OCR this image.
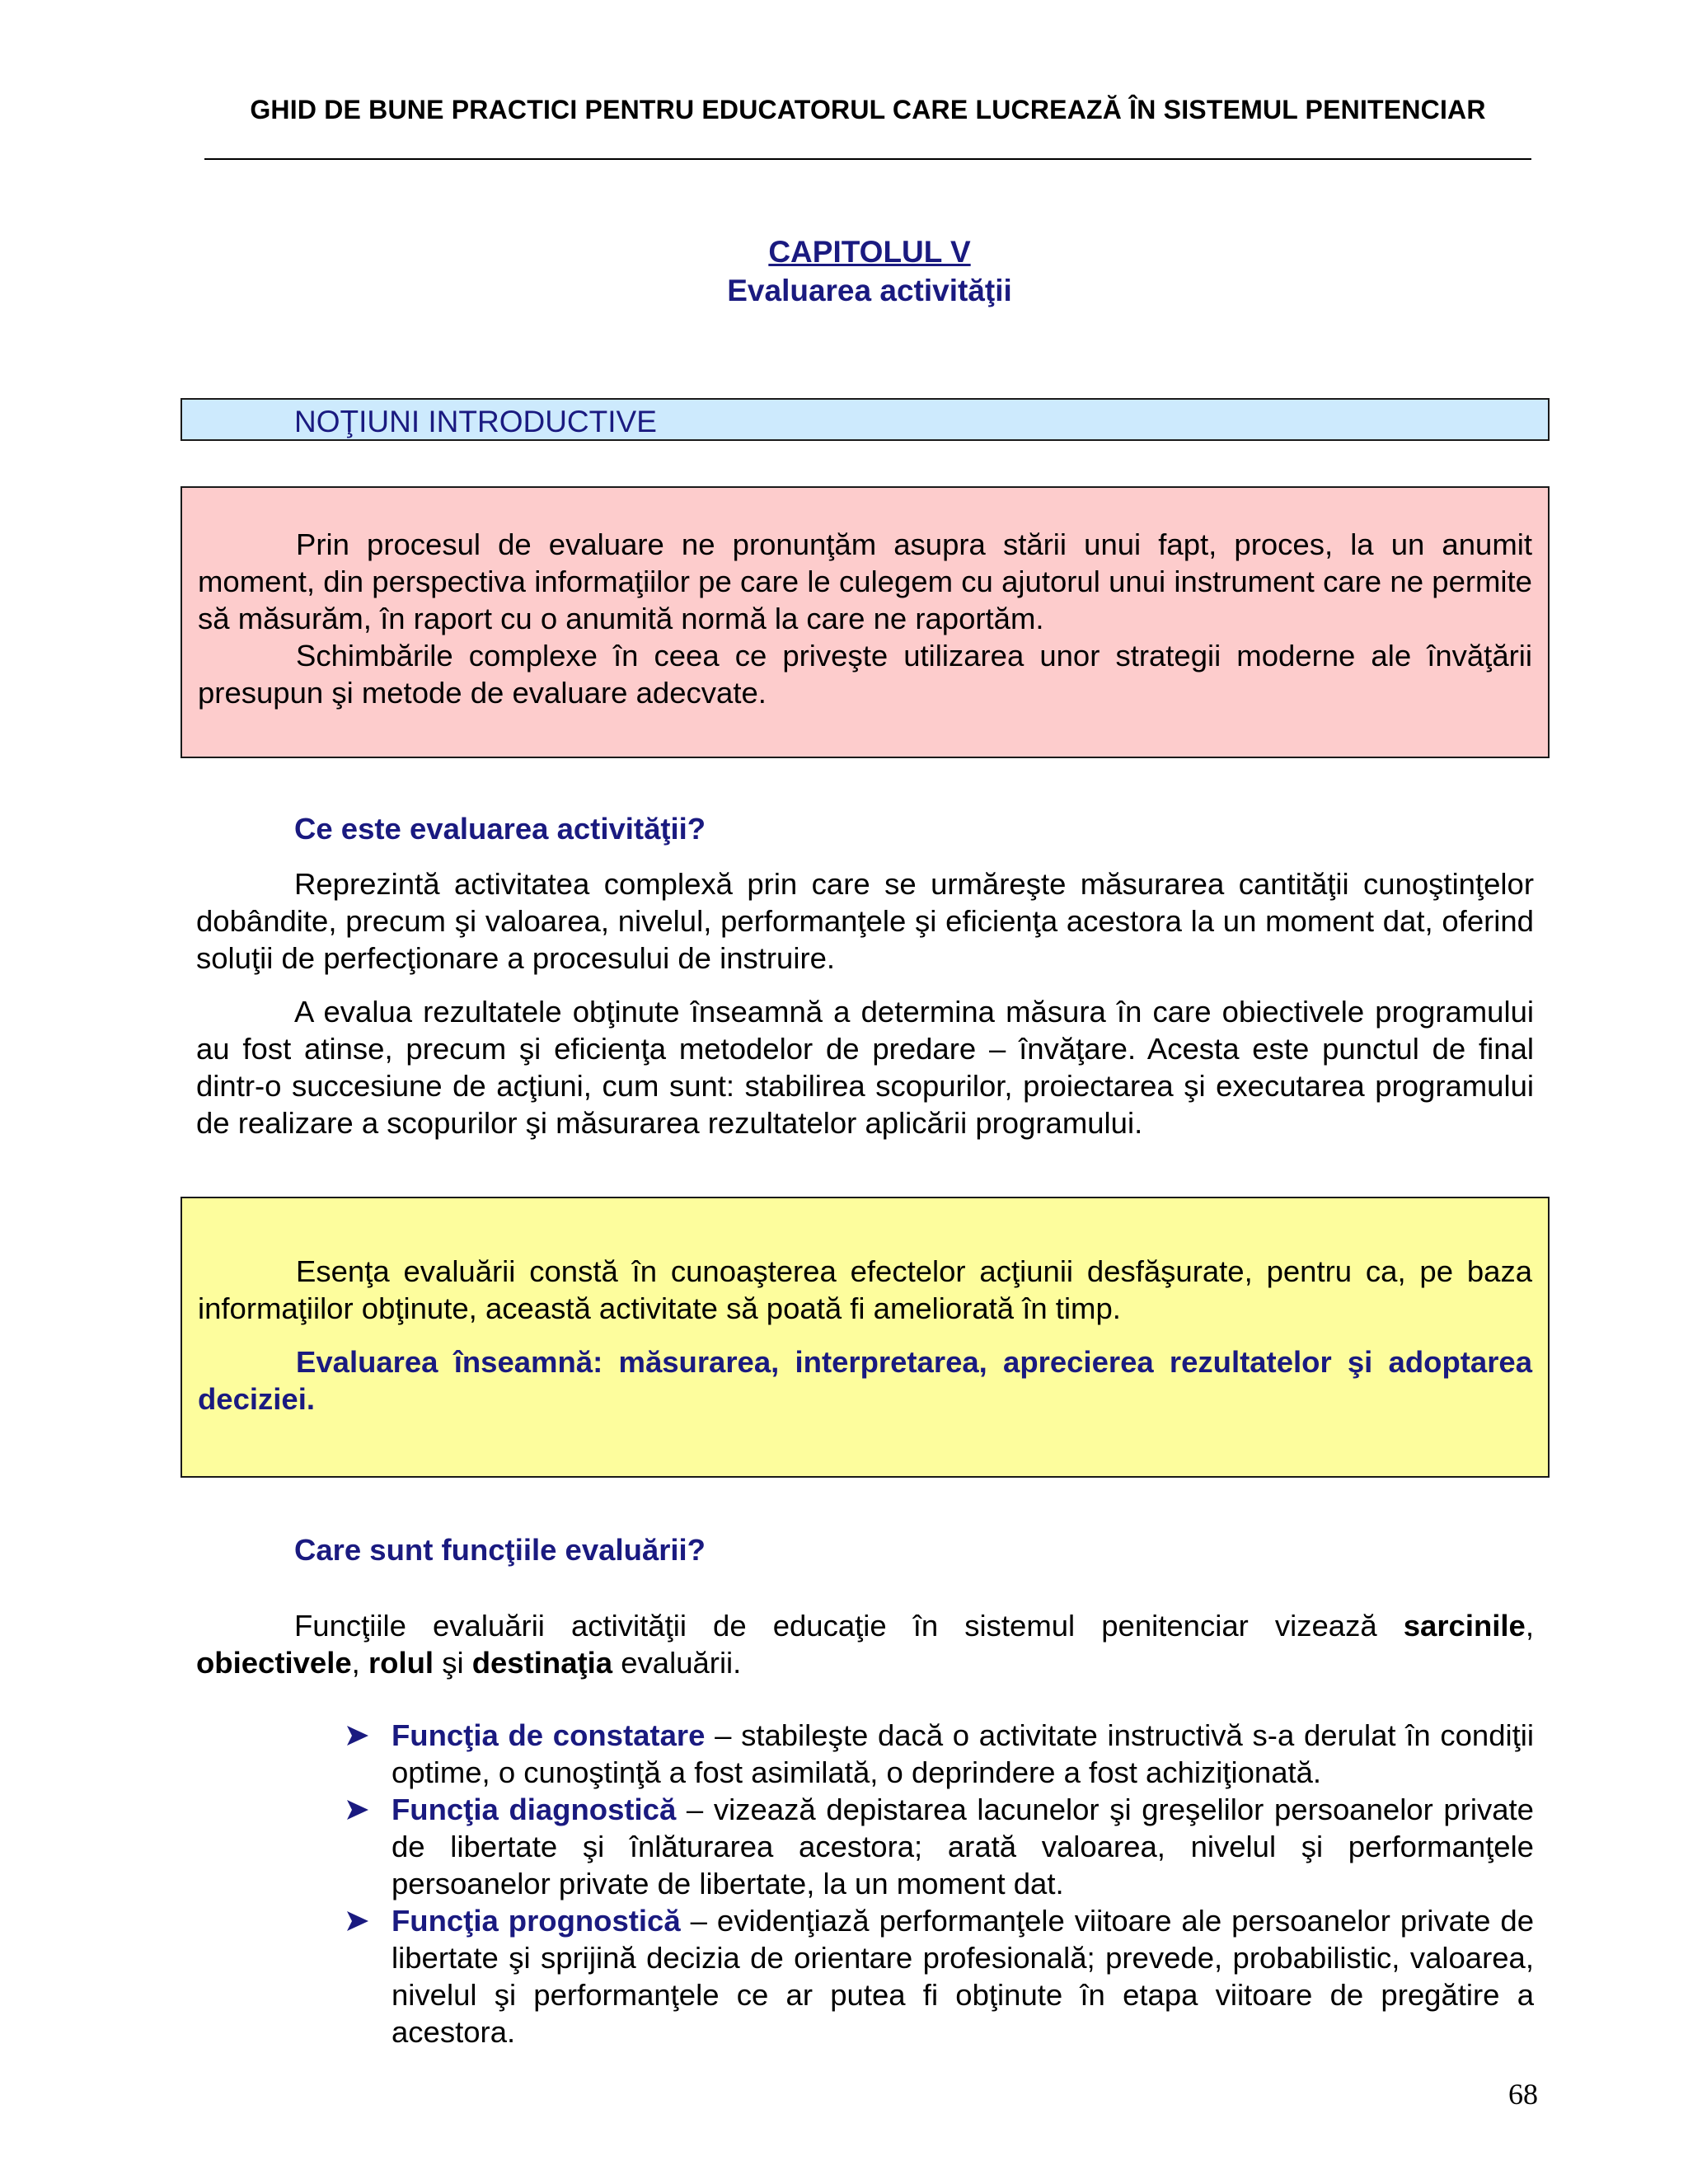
GHID DE BUNE PRACTICI PENTRU EDUCATORUL CARE LUCREAZĂ ÎN SISTEMUL PENITENCIAR
CAPITOLUL V
Evaluarea activităţii
NOŢIUNI INTRODUCTIVE

Prin procesul de evaluare ne pronunţăm asupra stării unui fapt, proces, la un anumit moment, din perspectiva informaţiilor pe care le culegem cu ajutorul unui instrument care ne permite să măsurăm, în raport cu o anumită normă la care ne raportăm.

Schimbările complexe în ceea ce priveşte utilizarea unor strategii moderne ale învăţării presupun şi metode de evaluare adecvate.

Ce este evaluarea activităţii?

Reprezintă activitatea complexă prin care se urmăreşte măsurarea cantităţii cunoştinţelor dobândite, precum şi valoarea, nivelul, performanţele şi eficienţa acestora la un moment dat, oferind soluţii de perfecţionare a procesului de instruire.

A evalua rezultatele obţinute înseamnă a determina măsura în care obiectivele programului au fost atinse, precum şi eficienţa metodelor de predare – învăţare. Acesta este punctul de final dintr-o succesiune de acţiuni, cum sunt: stabilirea scopurilor, proiectarea şi executarea programului de realizare a scopurilor şi măsurarea rezultatelor aplicării programului.

Esenţa evaluării constă în cunoaşterea efectelor acţiunii desfăşurate, pentru ca, pe baza informaţiilor obţinute, această activitate să poată fi ameliorată în timp.

Evaluarea înseamnă: măsurarea, interpretarea, aprecierea rezultatelor şi adoptarea deciziei.

Care sunt funcţiile evaluării?

Funcţiile evaluării activităţii de educaţie în sistemul penitenciar vizează sarcinile, obiectivele, rolul şi destinaţia evaluării.

Funcţia de constatare – stabileşte dacă o activitate instructivă s-a derulat în condiţii optime, o cunoştinţă a fost asimilată, o deprindere a fost achiziţionată.
Funcţia diagnostică – vizează depistarea lacunelor şi greşelilor persoanelor private de libertate şi înlăturarea acestora; arată valoarea, nivelul şi performanţele persoanelor private de libertate, la un moment dat.
Funcţia prognostică – evidenţiază performanţele viitoare ale persoanelor private de libertate şi sprijină decizia de orientare profesională; prevede, probabilistic, valoarea, nivelul şi performanţele ce ar putea fi obţinute în etapa viitoare de pregătire a acestora.
68
